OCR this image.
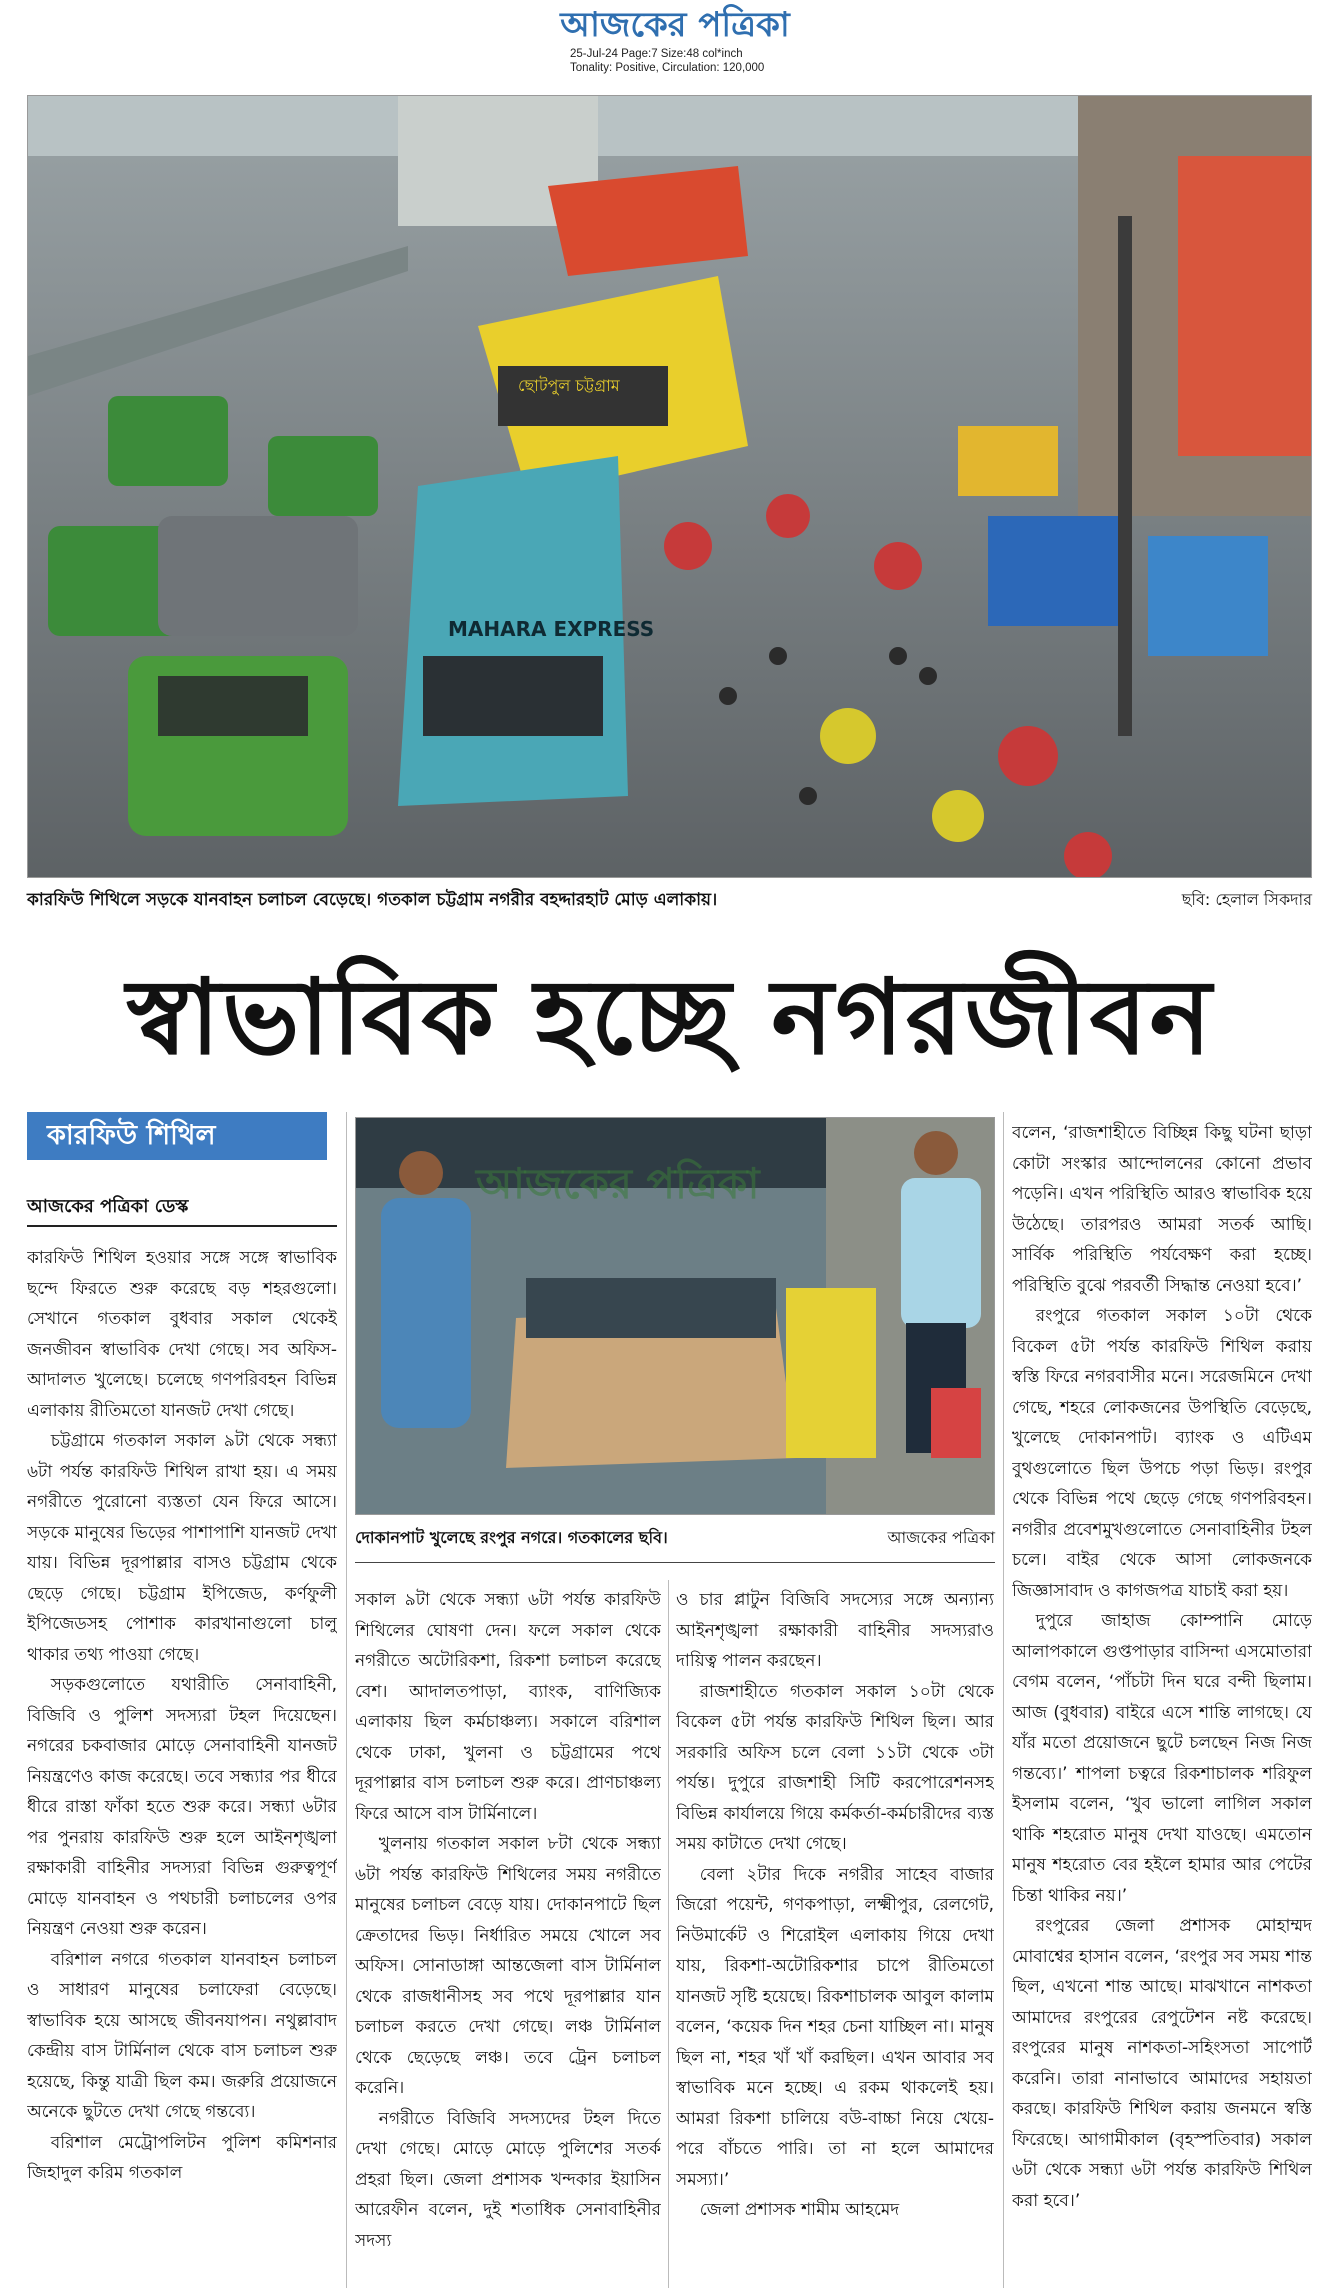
আজকের পত্রিকা
25-Jul-24 Page:7 Size:48 col*inch
Tonality: Positive, Circulation: 120,000
MAHARA EXPRESS
ছোটপুল চট্টগ্রাম
কারফিউ শিথিলে সড়কে যানবাহন চলাচল বেড়েছে। গতকাল চট্টগ্রাম নগরীর বহদ্দারহাট মোড় এলাকায়।	ছবি: হেলাল সিকদার
স্বাভাবিক হচ্ছে নগরজীবন
কারফিউ শিথিল
আজকের পত্রিকা ডেস্ক

কারফিউ শিথিল হওয়ার সঙ্গে সঙ্গে স্বাভাবিক ছন্দে ফিরতে শুরু করেছে বড় শহরগুলো। সেখানে গতকাল বুধবার সকাল থেকেই জনজীবন স্বাভাবিক দেখা গেছে। সব অফিস-আদালত খুলেছে। চলেছে গণপরিবহন বিভিন্ন এলাকায় রীতিমতো যানজট দেখা গেছে।

চট্টগ্রামে গতকাল সকাল ৯টা থেকে সন্ধ্যা ৬টা পর্যন্ত কারফিউ শিথিল রাখা হয়। এ সময় নগরীতে পুরোনো ব্যস্ততা যেন ফিরে আসে। সড়কে মানুষের ভিড়ের পাশাপাশি যানজট দেখা যায়। বিভিন্ন দূরপাল্লার বাসও চট্টগ্রাম থেকে ছেড়ে গেছে। চট্টগ্রাম ইপিজেড, কর্ণফুলী ইপিজেডসহ পোশাক কারখানাগুলো চালু থাকার তথ্য পাওয়া গেছে।

সড়কগুলোতে যথারীতি সেনাবাহিনী, বিজিবি ও পুলিশ সদস্যরা টহল দিয়েছেন। নগরের চকবাজার মোড়ে সেনাবাহিনী যানজট নিয়ন্ত্রণেও কাজ করেছে। তবে সন্ধ্যার পর ধীরে ধীরে রাস্তা ফাঁকা হতে শুরু করে। সন্ধ্যা ৬টার পর পুনরায় কারফিউ শুরু হলে আইনশৃঙ্খলা রক্ষাকারী বাহিনীর সদস্যরা বিভিন্ন গুরুত্বপূর্ণ মোড়ে যানবাহন ও পথচারী চলাচলের ওপর নিয়ন্ত্রণ নেওয়া শুরু করেন।

বরিশাল নগরে গতকাল যানবাহন চলাচল ও সাধারণ মানুষের চলাফেরা বেড়েছে। স্বাভাবিক হয়ে আসছে জীবনযাপন। নথুল্লাবাদ কেন্দ্রীয় বাস টার্মিনাল থেকে বাস চলাচল শুরু হয়েছে, কিন্তু যাত্রী ছিল কম। জরুরি প্রয়োজনে অনেকে ছুটতে দেখা গেছে গন্তব্যে।

বরিশাল মেট্রোপলিটন পুলিশ কমিশনার জিহাদুল করিম গতকাল

আজকের পত্রিকা
দোকানপাট খুলেছে রংপুর নগরে। গতকালের ছবি।	আজকের পত্রিকা

সকাল ৯টা থেকে সন্ধ্যা ৬টা পর্যন্ত কারফিউ শিথিলের ঘোষণা দেন। ফলে সকাল থেকে নগরীতে অটোরিকশা, রিকশা চলাচল করেছে বেশ। আদালতপাড়া, ব্যাংক, বাণিজ্যিক এলাকায় ছিল কর্মচাঞ্চল্য। সকালে বরিশাল থেকে ঢাকা, খুলনা ও চট্টগ্রামের পথে দূরপাল্লার বাস চলাচল শুরু করে। প্রাণচাঞ্চল্য ফিরে আসে বাস টার্মিনালে।

খুলনায় গতকাল সকাল ৮টা থেকে সন্ধ্যা ৬টা পর্যন্ত কারফিউ শিথিলের সময় নগরীতে মানুষের চলাচল বেড়ে যায়। দোকানপাটে ছিল ক্রেতাদের ভিড়। নির্ধারিত সময়ে খোলে সব অফিস। সোনাডাঙ্গা আন্তজেলা বাস টার্মিনাল থেকে রাজধানীসহ সব পথে দূরপাল্লার যান চলাচল করতে দেখা গেছে। লঞ্চ টার্মিনাল থেকে ছেড়েছে লঞ্চ। তবে ট্রেন চলাচল করেনি।

নগরীতে বিজিবি সদস্যদের টহল দিতে দেখা গেছে। মোড়ে মোড়ে পুলিশের সতর্ক প্রহরা ছিল। জেলা প্রশাসক খন্দকার ইয়াসিন আরেফীন বলেন, দুই শতাধিক সেনাবাহিনীর সদস্য

ও চার প্লাটুন বিজিবি সদস্যের সঙ্গে অন্যান্য আইনশৃঙ্খলা রক্ষাকারী বাহিনীর সদস্যরাও দায়িত্ব পালন করছেন।

রাজশাহীতে গতকাল সকাল ১০টা থেকে বিকেল ৫টা পর্যন্ত কারফিউ শিথিল ছিল। আর সরকারি অফিস চলে বেলা ১১টা থেকে ৩টা পর্যন্ত। দুপুরে রাজশাহী সিটি করপোরেশনসহ বিভিন্ন কার্যালয়ে গিয়ে কর্মকর্তা-কর্মচারীদের ব্যস্ত সময় কাটাতে দেখা গেছে।

বেলা ২টার দিকে নগরীর সাহেব বাজার জিরো পয়েন্ট, গণকপাড়া, লক্ষ্মীপুর, রেলগেট, নিউমার্কেট ও শিরোইল এলাকায় গিয়ে দেখা যায়, রিকশা-অটোরিকশার চাপে রীতিমতো যানজট সৃষ্টি হয়েছে। রিকশাচালক আবুল কালাম বলেন, ‘কয়েক দিন শহর চেনা যাচ্ছিল না। মানুষ ছিল না, শহর খাঁ খাঁ করছিল। এখন আবার সব স্বাভাবিক মনে হচ্ছে। এ রকম থাকলেই হয়। আমরা রিকশা চালিয়ে বউ-বাচ্চা নিয়ে খেয়ে-পরে বাঁচতে পারি। তা না হলে আমাদের সমস্যা।’

জেলা প্রশাসক শামীম আহমেদ

বলেন, ‘রাজশাহীতে বিচ্ছিন্ন কিছু ঘটনা ছাড়া কোটা সংস্কার আন্দোলনের কোনো প্রভাব পড়েনি। এখন পরিস্থিতি আরও স্বাভাবিক হয়ে উঠেছে। তারপরও আমরা সতর্ক আছি। সার্বিক পরিস্থিতি পর্যবেক্ষণ করা হচ্ছে। পরিস্থিতি বুঝে পরবর্তী সিদ্ধান্ত নেওয়া হবে।’

রংপুরে গতকাল সকাল ১০টা থেকে বিকেল ৫টা পর্যন্ত কারফিউ শিথিল করায় স্বস্তি ফিরে নগরবাসীর মনে। সরেজমিনে দেখা গেছে, শহরে লোকজনের উপস্থিতি বেড়েছে, খুলেছে দোকানপাট। ব্যাংক ও এটিএম বুথগুলোতে ছিল উপচে পড়া ভিড়। রংপুর থেকে বিভিন্ন পথে ছেড়ে গেছে গণপরিবহন। নগরীর প্রবেশমুখগুলোতে সেনাবাহিনীর টহল চলে। বাইর থেকে আসা লোকজনকে জিজ্ঞাসাবাদ ও কাগজপত্র যাচাই করা হয়।

দুপুরে জাহাজ কোম্পানি মোড়ে আলাপকালে গুপ্তপাড়ার বাসিন্দা এসমোতারা বেগম বলেন, ‘পাঁচটা দিন ঘরে বন্দী ছিলাম। আজ (বুধবার) বাইরে এসে শান্তি লাগছে। যে যাঁর মতো প্রয়োজনে ছুটে চলছেন নিজ নিজ গন্তব্যে।’ শাপলা চত্বরে রিকশাচালক শরিফুল ইসলাম বলেন, ‘খুব ভালো লাগিল সকাল থাকি শহরোত মানুষ দেখা যাওছে। এমতোন মানুষ শহরোত বের হইলে হামার আর পেটের চিন্তা থাকির নয়।’

রংপুরের জেলা প্রশাসক মোহাম্মদ মোবাশ্বের হাসান বলেন, ‘রংপুর সব সময় শান্ত ছিল, এখনো শান্ত আছে। মাঝখানে নাশকতা আমাদের রংপুরের রেপুটেশন নষ্ট করেছে। রংপুরের মানুষ নাশকতা-সহিংসতা সাপোর্ট করেনি। তারা নানাভাবে আমাদের সহায়তা করছে। কারফিউ শিথিল করায় জনমনে স্বস্তি ফিরেছে। আগামীকাল (বৃহস্পতিবার) সকাল ৬টা থেকে সন্ধ্যা ৬টা পর্যন্ত কারফিউ শিথিল করা হবে।’
